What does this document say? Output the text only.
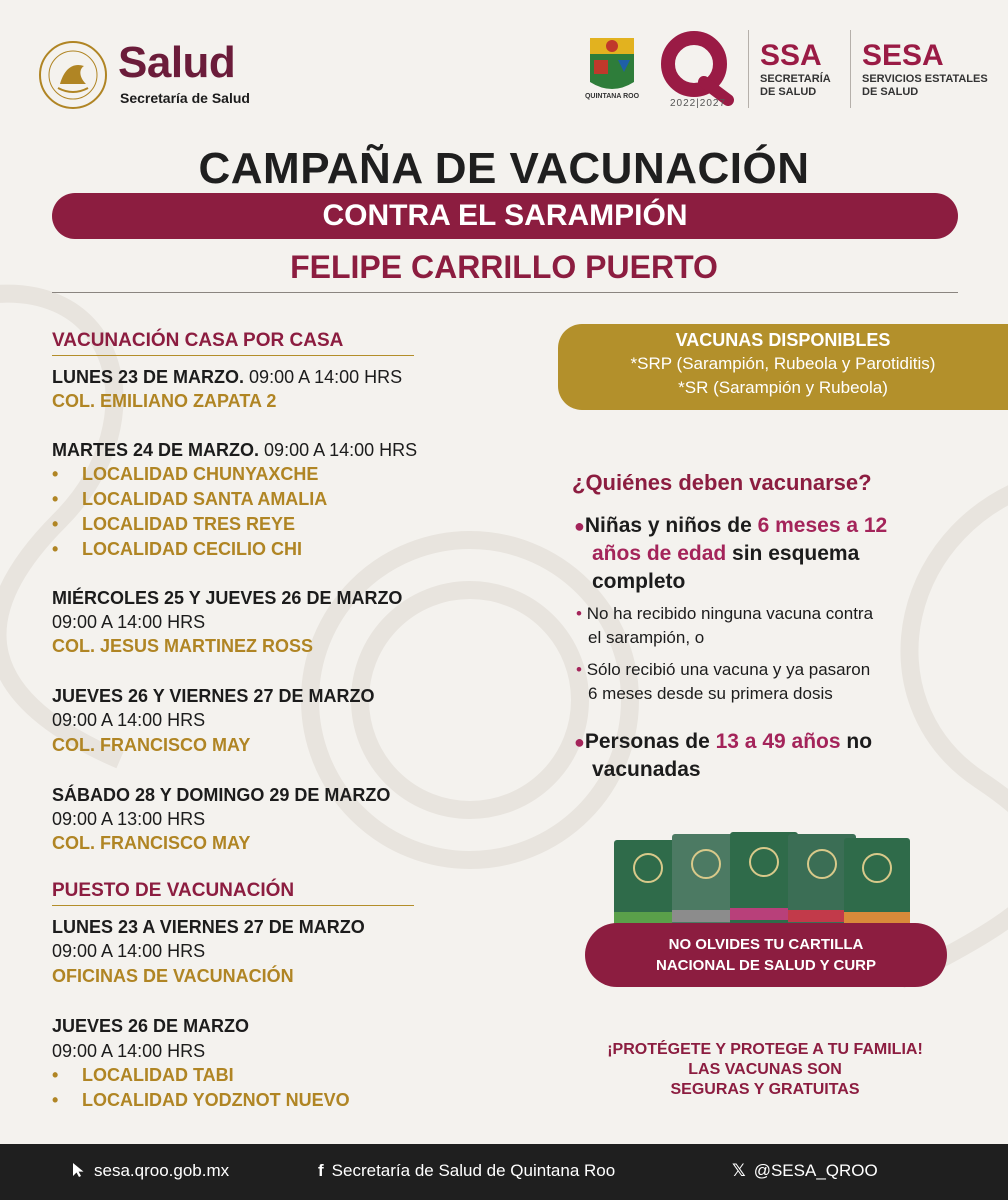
Salud
Secretaría de Salud	QUINTANA ROO
2022|2027
SSA
SECRETARÍA
DE SALUD
SESA
SERVICIOS ESTATALES
DE SALUD
CAMPAÑA DE VACUNACIÓN
CONTRA EL SARAMPIÓN
FELIPE CARRILLO PUERTO
VACUNACIÓN CASA POR CASA
LUNES 23 DE MARZO. 09:00 A 14:00 HRS
COL. EMILIANO ZAPATA 2
MARTES 24 DE MARZO. 09:00 A 14:00 HRS
• LOCALIDAD CHUNYAXCHE
• LOCALIDAD SANTA AMALIA
• LOCALIDAD TRES REYE
• LOCALIDAD CECILIO CHI
MIÉRCOLES 25 Y JUEVES 26 DE MARZO
09:00 A 14:00 HRS
COL. JESUS MARTINEZ ROSS
JUEVES 26 Y VIERNES 27 DE MARZO
09:00 A 14:00 HRS
COL. FRANCISCO MAY
SÁBADO 28 Y DOMINGO 29 DE MARZO
09:00 A 13:00 HRS
COL. FRANCISCO MAY
PUESTO DE VACUNACIÓN
LUNES 23 A VIERNES 27 DE MARZO
09:00 A 14:00 HRS
OFICINAS DE VACUNACIÓN
JUEVES 26 DE MARZO
09:00 A 14:00 HRS
• LOCALIDAD TABI
• LOCALIDAD YODZNOT NUEVO
VACUNAS DISPONIBLES
*SRP (Sarampión, Rubeola y Parotiditis)
*SR (Sarampión y Rubeola)
¿Quiénes deben vacunarse?
●Niñas y niños de 6 meses a 12
años de edad sin esquema
completo
• No ha recibido ninguna vacuna contra
el sarampión, o
• Sólo recibió una vacuna y ya pasaron
6 meses desde su primera dosis
●Personas de 13 a 49 años no
vacunadas
NO OLVIDES TU CARTILLA
NACIONAL DE SALUD Y CURP
¡PROTÉGETE Y PROTEGE A TU FAMILIA!
LAS VACUNAS SON
SEGURAS Y GRATUITAS
sesa.qroo.gob.mx	f Secretaría de Salud de Quintana Roo	𝕏 @SESA_QROO
